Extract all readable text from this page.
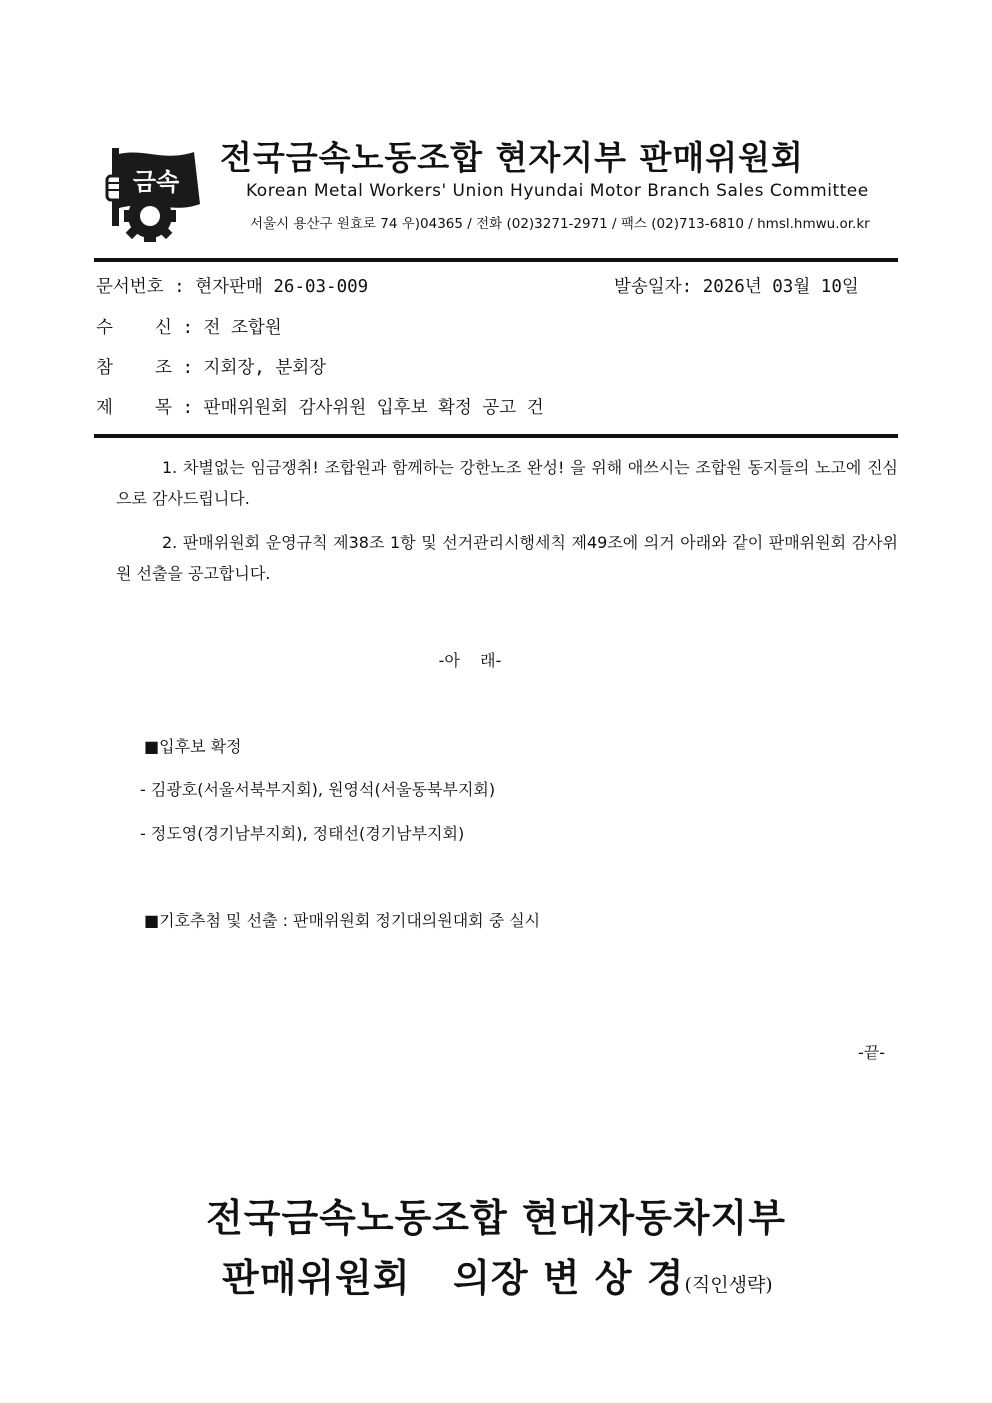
금속
전국금속노동조합 현자지부 판매위원회
Korean Metal Workers' Union Hyundai Motor Branch Sales Committee
서울시 용산구 원효로 74 우)04365 / 전화 (02)3271-2971 / 팩스 (02)713-6810 / hmsl.hmwu.or.kr
문서번호 : 현자판매 26-03-009	발송일자: 2026년 03월 10일
수    신 : 전 조합원
참    조 : 지회장, 분회장
제    목 : 판매위원회 감사위원 입후보 확정 공고 건
1. 차별없는 임금쟁취! 조합원과 함께하는 강한노조 완성! 을 위해 애쓰시는 조합원 동지들의 노고에 진심으로 감사드립니다.
2. 판매위원회 운영규칙 제38조 1항 및 선거관리시행세칙 제49조에 의거 아래와 같이 판매위원회 감사위원 선출을 공고합니다.
-아    래-
■입후보 확정
- 김광호(서울서북부지회), 원영석(서울동북부지회)
- 정도영(경기남부지회), 정태선(경기남부지회)
■기호추첨 및 선출 : 판매위원회 정기대의원대회 중 실시
-끝-
전국금속노동조합 현대자동차지부
판매위원회   의장 변 상 경(직인생략)
